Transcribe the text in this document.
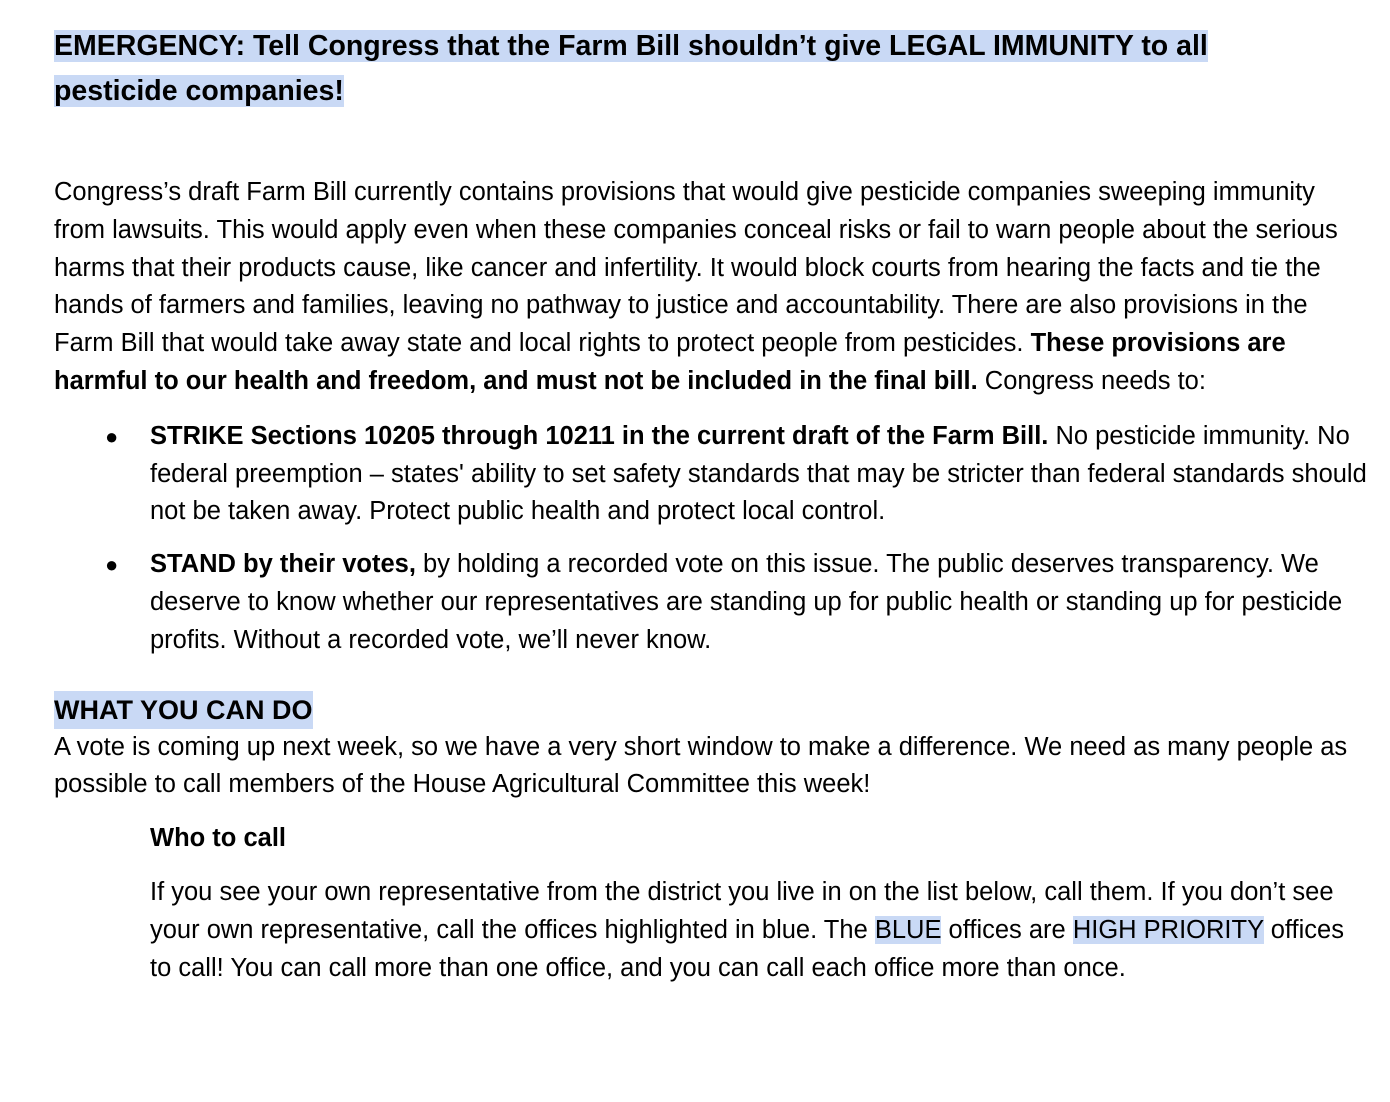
EMERGENCY: Tell Congress that the Farm Bill shouldn’t give LEGAL IMMUNITY to all
pesticide companies!

Congress’s draft Farm Bill currently contains provisions that would give pesticide companies sweeping immunity from lawsuits. This would apply even when these companies conceal risks or fail to warn people about the serious harms that their products cause, like cancer and infertility. It would block courts from hearing the facts and tie the hands of farmers and families, leaving no pathway to justice and accountability. There are also provisions in the Farm Bill that would take away state and local rights to protect people from pesticides. These provisions are harmful to our health and freedom, and must not be included in the final bill. Congress needs to:

● STRIKE Sections 10205 through 10211 in the current draft of the Farm Bill. No pesticide immunity. No federal preemption – states' ability to set safety standards that may be stricter than federal standards should not be taken away. Protect public health and protect local control.
● STAND by their votes, by holding a recorded vote on this issue. The public deserves transparency. We deserve to know whether our representatives are standing up for public health or standing up for pesticide profits. Without a recorded vote, we’ll never know.
WHAT YOU CAN DO

A vote is coming up next week, so we have a very short window to make a difference. We need as many people as possible to call members of the House Agricultural Committee this week!

Who to call

If you see your own representative from the district you live in on the list below, call them. If you don’t see your own representative, call the offices highlighted in blue. The BLUE offices are HIGH PRIORITY offices to call! You can call more than one office, and you can call each office more than once.
